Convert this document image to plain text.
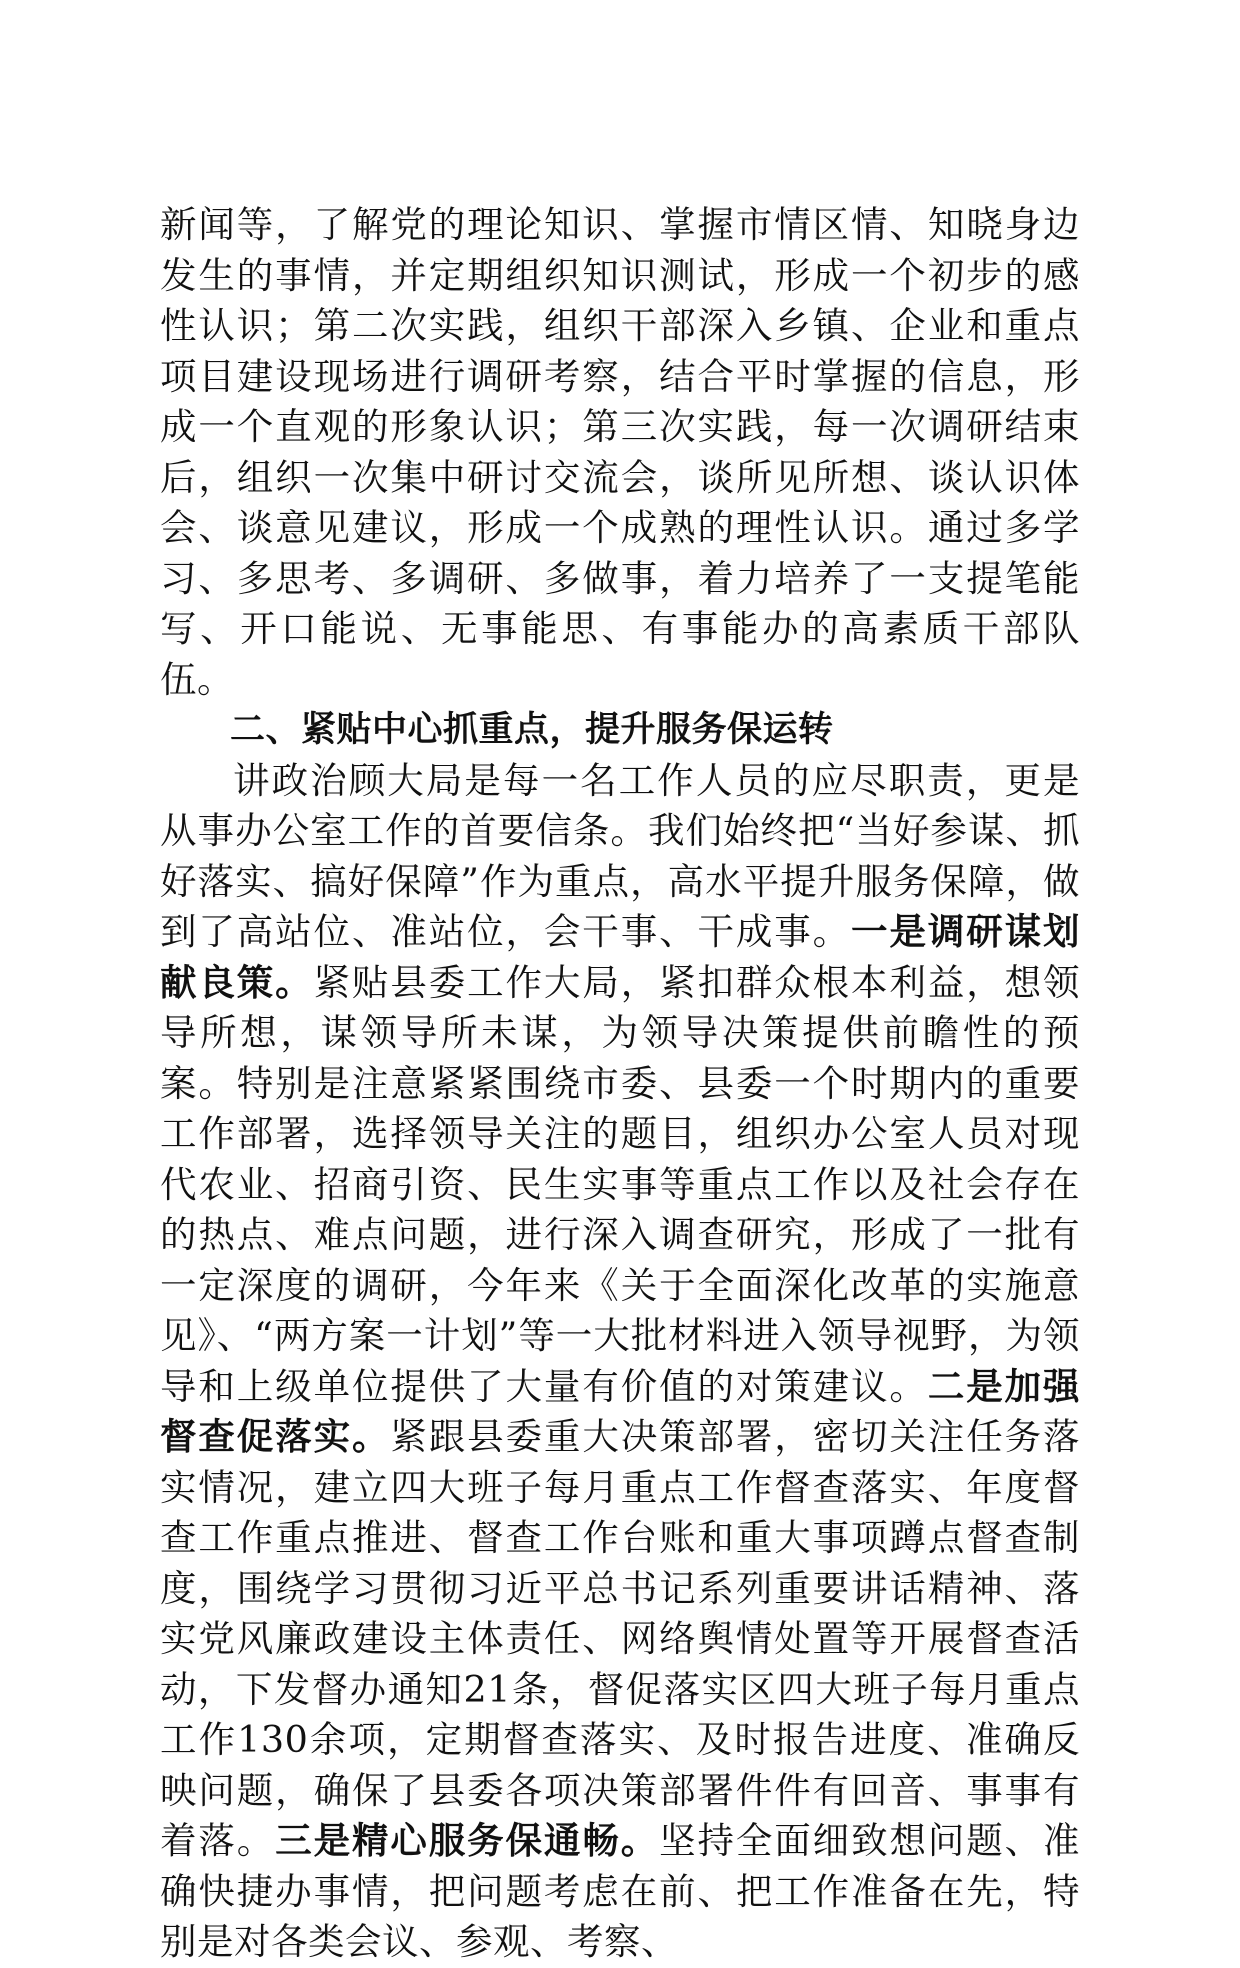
新闻等，了解党的理论知识、掌握市情区情、知晓身边发生的事情，并定期组织知识测试，形成一个初步的感性认识；第二次实践，组织干部深入乡镇、企业和重点项目建设现场进行调研考察，结合平时掌握的信息，形成一个直观的形象认识；第三次实践，每一次调研结束后，组织一次集中研讨交流会，谈所见所想、谈认识体会、谈意见建议，形成一个成熟的理性认识。通过多学习、多思考、多调研、多做事，着力培养了一支提笔能写、开口能说、无事能思、有事能办的高素质干部队伍。

二、紧贴中心抓重点，提升服务保运转

讲政治顾大局是每一名工作人员的应尽职责，更是从事办公室工作的首要信条。我们始终把“当好参谋、抓好落实、搞好保障”作为重点，高水平提升服务保障，做到了高站位、准站位，会干事、干成事。一是调研谋划献良策。紧贴县委工作大局，紧扣群众根本利益，想领导所想，谋领导所未谋，为领导决策提供前瞻性的预案。特别是注意紧紧围绕市委、县委一个时期内的重要工作部署，选择领导关注的题目，组织办公室人员对现代农业、招商引资、民生实事等重点工作以及社会存在的热点、难点问题，进行深入调查研究，形成了一批有一定深度的调研，今年来《关于全面深化改革的实施意见》、“两方案一计划”等一大批材料进入领导视野，为领导和上级单位提供了大量有价值的对策建议。二是加强督查促落实。紧跟县委重大决策部署，密切关注任务落实情况，建立四大班子每月重点工作督查落实、年度督查工作重点推进、督查工作台账和重大事项蹲点督查制度，围绕学习贯彻习近平总书记系列重要讲话精神、落实党风廉政建设主体责任、网络舆情处置等开展督查活动，下发督办通知21条，督促落实区四大班子每月重点工作130余项，定期督查落实、及时报告进度、准确反映问题，确保了县委各项决策部署件件有回音、事事有着落。三是精心服务保通畅。坚持全面细致想问题、准确快捷办事情，把问题考虑在前、把工作准备在先，特别是对各类会议、参观、考察、
